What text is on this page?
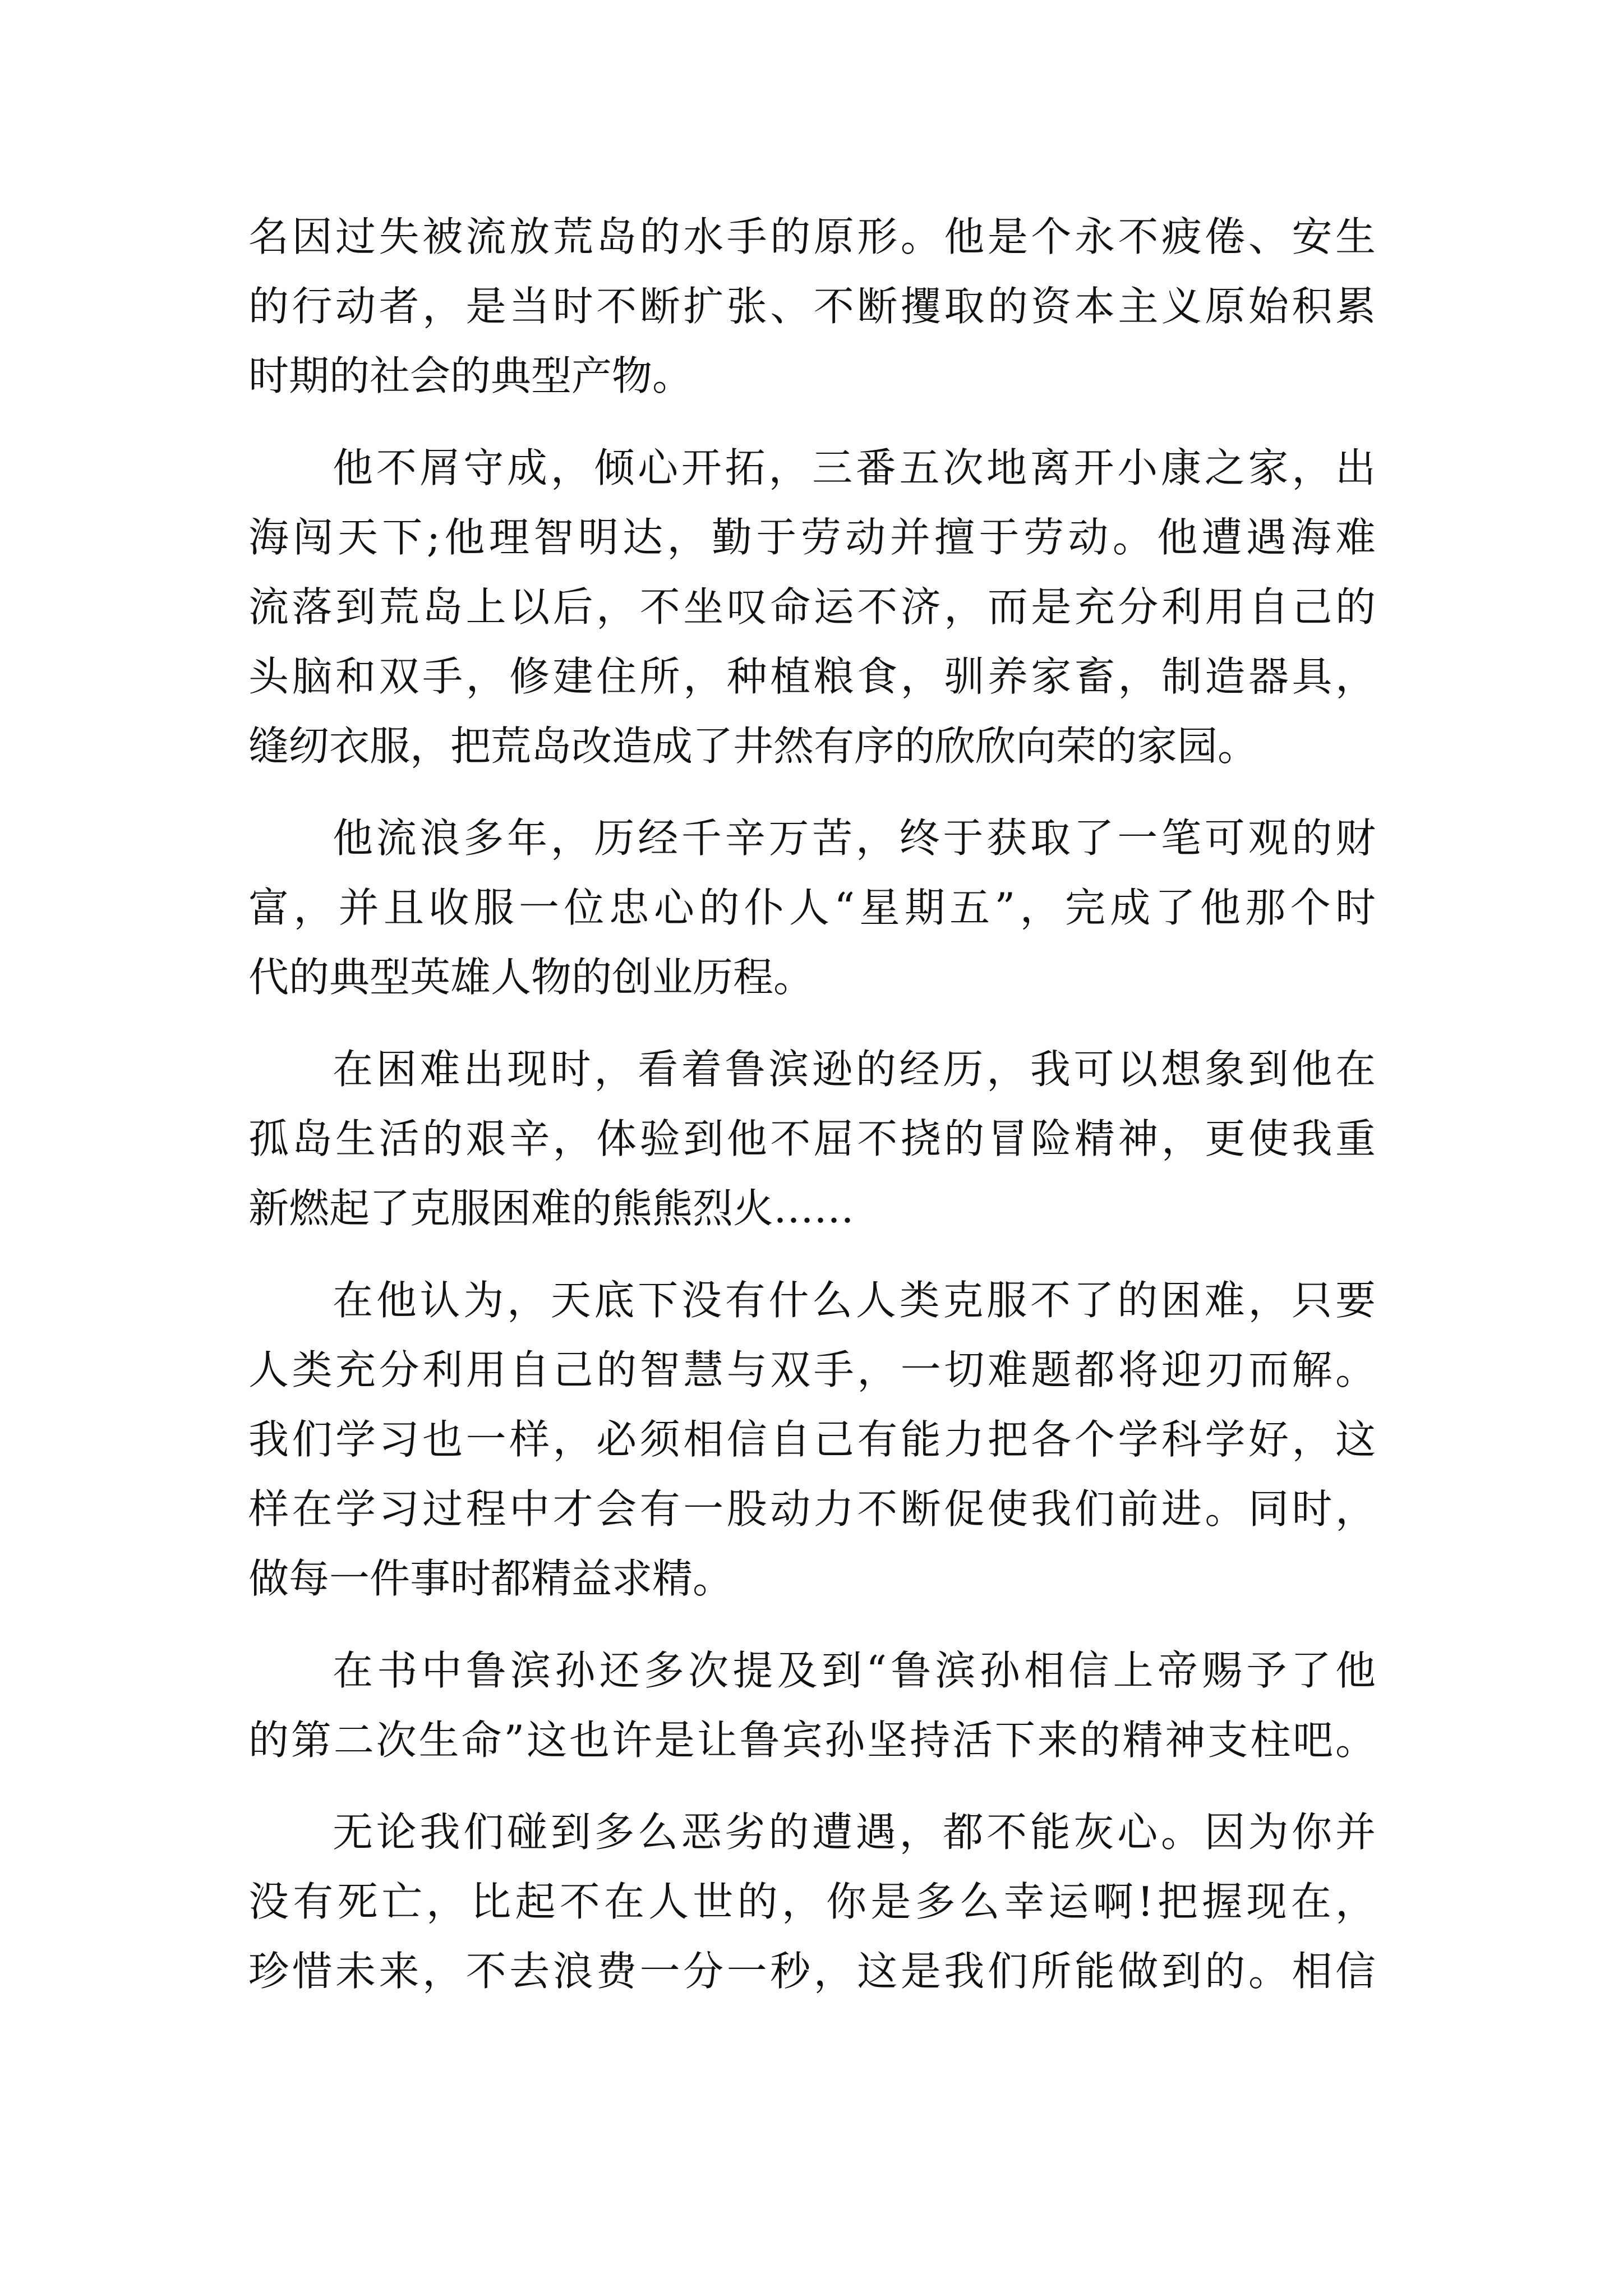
名因过失被流放荒岛的水手的原形。他是个永不疲倦、安生
的行动者，是当时不断扩张、不断攫取的资本主义原始积累
时期的社会的典型产物。
他不屑守成，倾心开拓，三番五次地离开小康之家，出
海闯天下;他理智明达，勤于劳动并擅于劳动。他遭遇海难
流落到荒岛上以后，不坐叹命运不济，而是充分利用自己的
头脑和双手，修建住所，种植粮食，驯养家畜，制造器具，
缝纫衣服，把荒岛改造成了井然有序的欣欣向荣的家园。
他流浪多年，历经千辛万苦，终于获取了一笔可观的财
富，并且收服一位忠心的仆人“星期五”，完成了他那个时
代的典型英雄人物的创业历程。
在困难出现时，看着鲁滨逊的经历，我可以想象到他在
孤岛生活的艰辛，体验到他不屈不挠的冒险精神，更使我重
新燃起了克服困难的熊熊烈火……
在他认为，天底下没有什么人类克服不了的困难，只要
人类充分利用自己的智慧与双手，一切难题都将迎刃而解。
我们学习也一样，必须相信自己有能力把各个学科学好，这
样在学习过程中才会有一股动力不断促使我们前进。同时，
做每一件事时都精益求精。
在书中鲁滨孙还多次提及到“鲁滨孙相信上帝赐予了他
的第二次生命”这也许是让鲁宾孙坚持活下来的精神支柱吧。
无论我们碰到多么恶劣的遭遇，都不能灰心。因为你并
没有死亡，比起不在人世的，你是多么幸运啊!把握现在，
珍惜未来，不去浪费一分一秒，这是我们所能做到的。相信
